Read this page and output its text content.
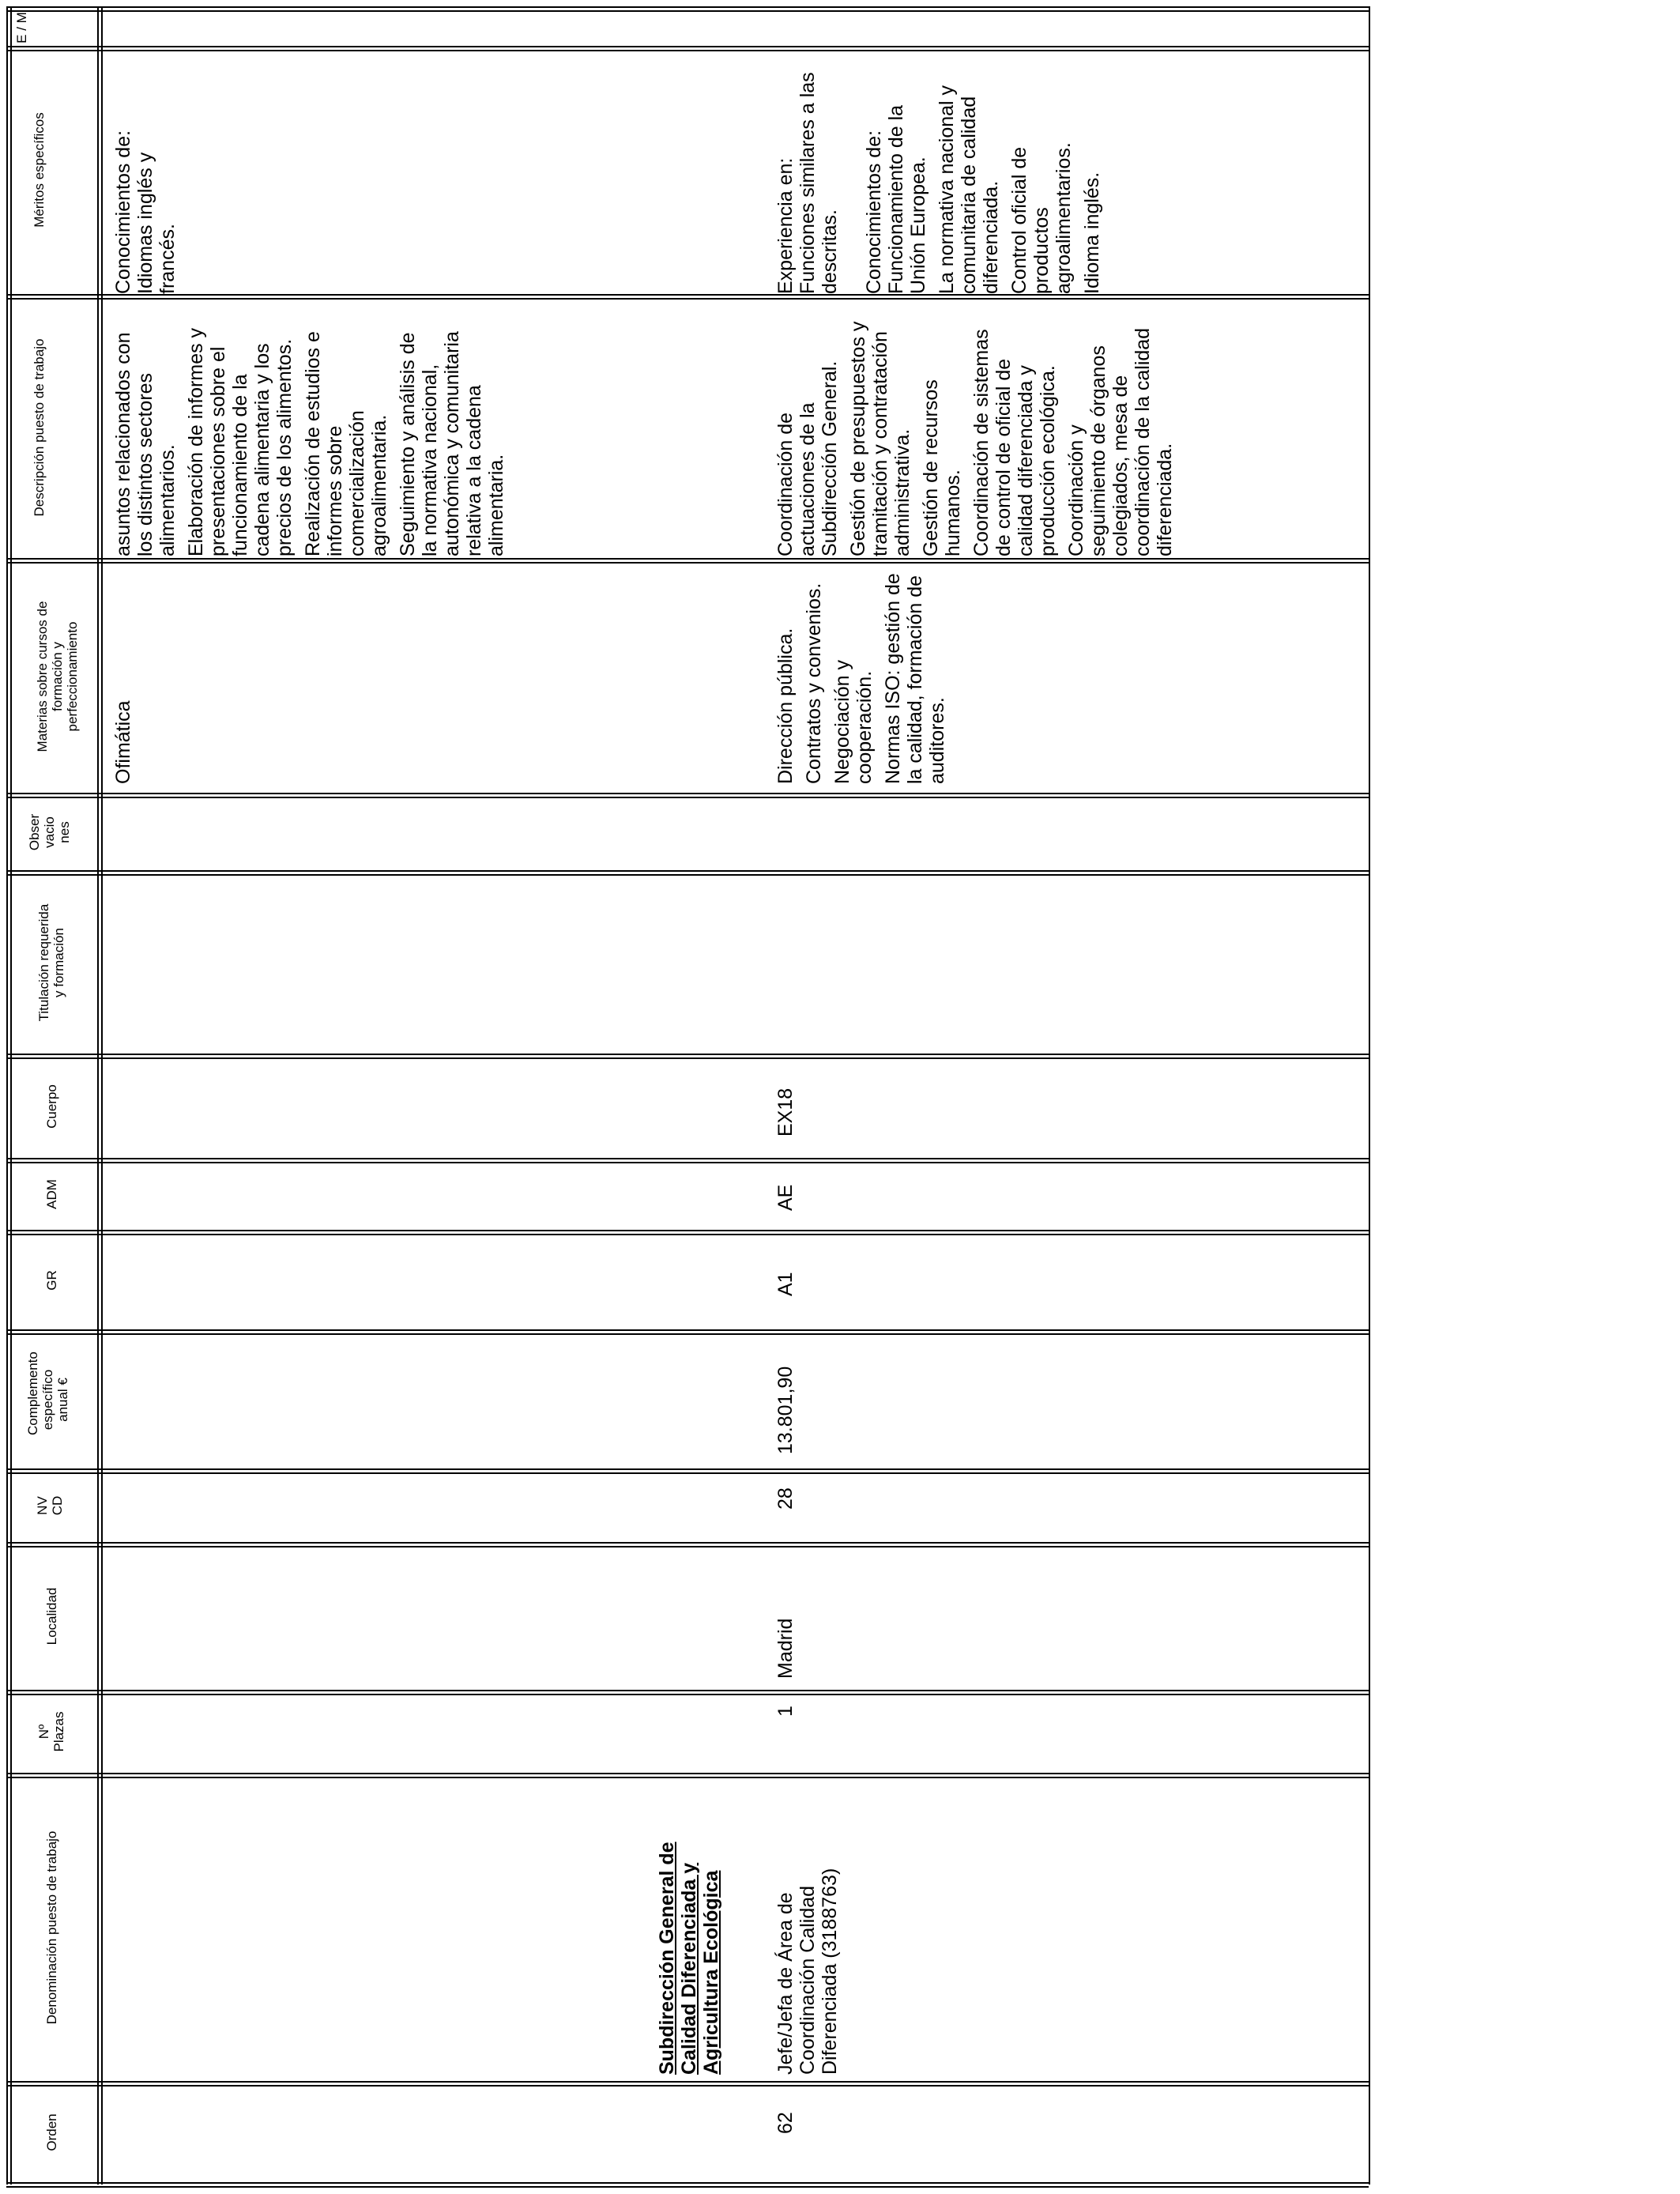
E / M
Méritos específicos
Descripción puesto de trabajo
Materias sobre cursos de formación y perfeccionamiento
Obser vacio nes
Titulación requerida y formación
Cuerpo
ADM
GR
Complemento específico anual €
NV CD
Localidad
Nº Plazas
Denominación puesto de trabajo
Orden
Conocimientos de: Idiomas inglés y francés.

asuntos relacionados con los distintos sectores alimentarios. Elaboración de informes y presentaciones sobre el funcionamiento de la cadena alimentaria y los precios de los alimentos. Realización de estudios e informes sobre comercialización agroalimentaria. Seguimiento y análisis de la normativa nacional, autonómica y comunitaria relativa a la cadena alimentaria.

Ofimática
Subdirección General de Calidad Diferenciada y Agricultura Ecológica
62
Jefe/Jefa de Área de Coordinación Calidad Diferenciada (3188763)
1
Madrid
28
13.801,90
A1
AE
EX18

Dirección pública. Contratos y convenios. Negociación y cooperación. Normas ISO: gestión de la calidad, formación de auditores.

Coordinación de actuaciones de la Subdirección General. Gestión de presupuestos y tramitación y contratación administrativa. Gestión de recursos humanos. Coordinación de sistemas de control de oficial de calidad diferenciada y producción ecológica. Coordinación y seguimiento de órganos colegiados, mesa de coordinación de la calidad diferenciada.

Experiencia en: Funciones similares a las descritas. Conocimientos de: Funcionamiento de la Unión Europea. La normativa nacional y comunitaria de calidad diferenciada. Control oficial de productos agroalimentarios. Idioma inglés.
